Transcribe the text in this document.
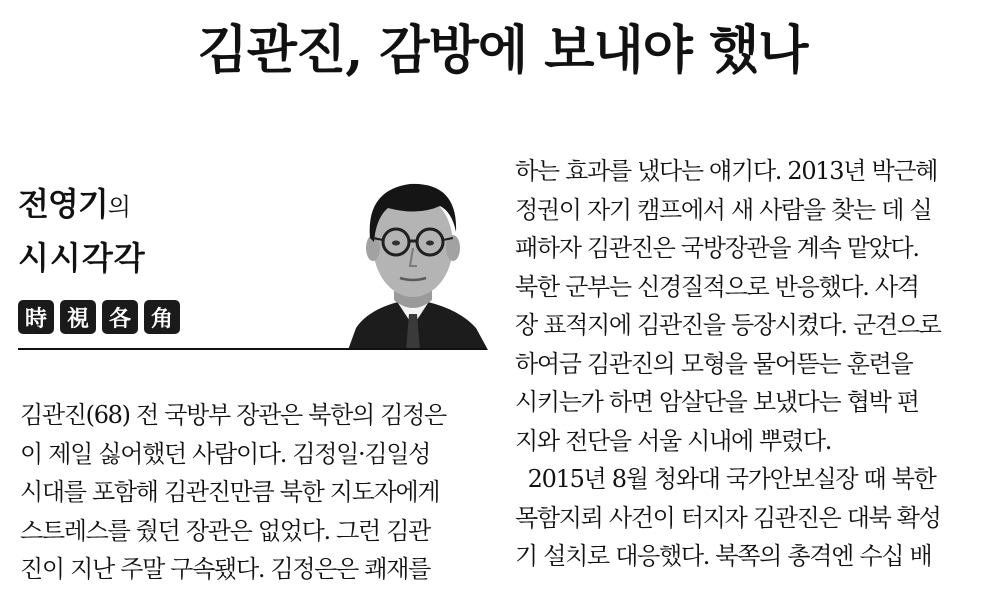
김관진, 감방에 보내야 했나
전영기의
시시각각
時 視 各 角
김관진(68) 전 국방부 장관은 북한의 김정은
이 제일 싫어했던 사람이다. 김정일·김일성
시대를 포함해 김관진만큼 북한 지도자에게
스트레스를 줬던 장관은 없었다. 그런 김관
진이 지난 주말 구속됐다. 김정은은 쾌재를
하는 효과를 냈다는 얘기다. 2013년 박근혜
정권이 자기 캠프에서 새 사람을 찾는 데 실
패하자 김관진은 국방장관을 계속 맡았다.
북한 군부는 신경질적으로 반응했다. 사격
장 표적지에 김관진을 등장시켰다. 군견으로
하여금 김관진의 모형을 물어뜯는 훈련을
시키는가 하면 암살단을 보냈다는 협박 편
지와 전단을 서울 시내에 뿌렸다.
2015년 8월 청와대 국가안보실장 때 북한
목함지뢰 사건이 터지자 김관진은 대북 확성
기 설치로 대응했다. 북쪽의 총격엔 수십 배
